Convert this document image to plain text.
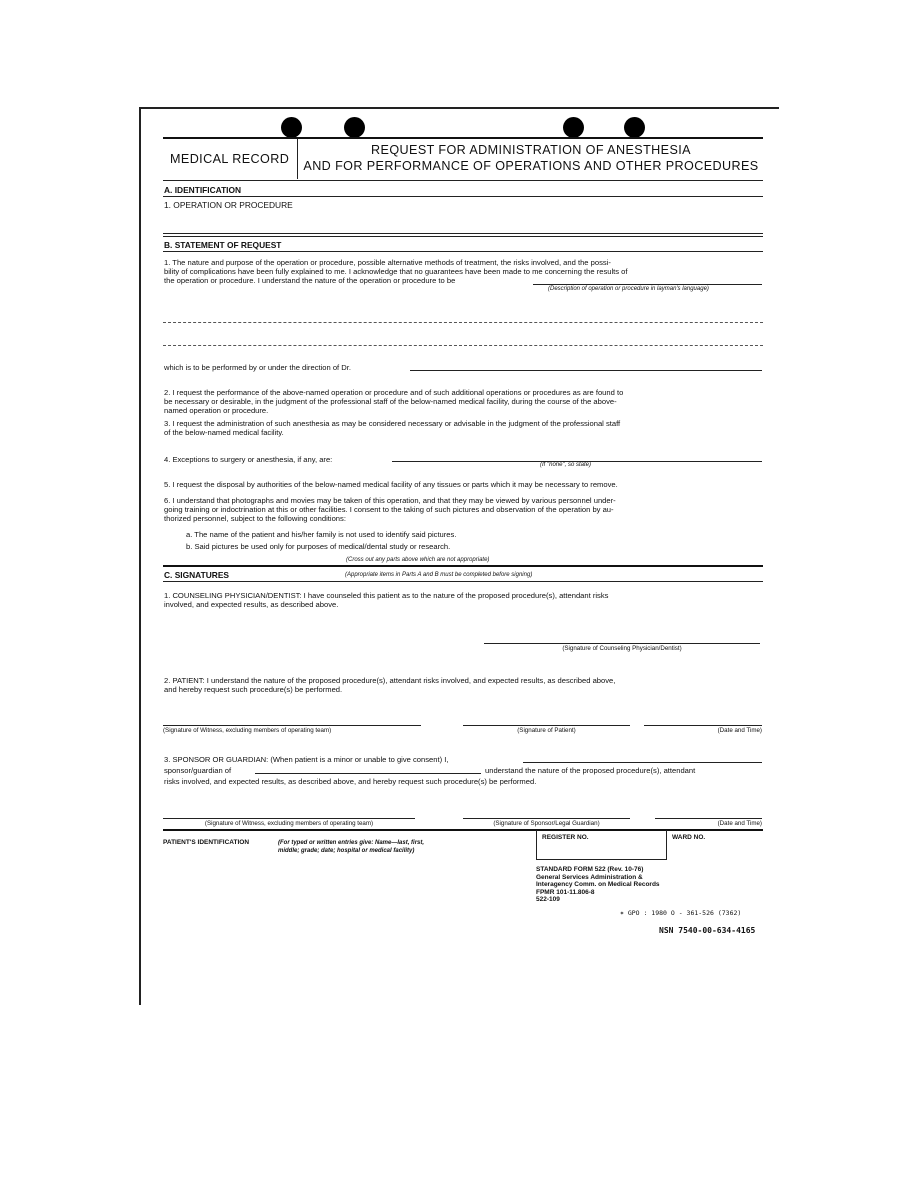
MEDICAL RECORD
REQUEST FOR ADMINISTRATION OF ANESTHESIA
AND FOR PERFORMANCE OF OPERATIONS AND OTHER PROCEDURES
A. IDENTIFICATION
1. OPERATION OR PROCEDURE
B. STATEMENT OF REQUEST
1. The nature and purpose of the operation or procedure, possible alternative methods of treatment, the risks involved, and the possi-
bility of complications have been fully explained to me. I acknowledge that no guarantees have been made to me concerning the results of
the operation or procedure. I understand the nature of the operation or procedure to be
(Description of operation or procedure in layman's language)
which is to be performed by or under the direction of Dr.
2. I request the performance of the above-named operation or procedure and of such additional operations or procedures as are found to
be necessary or desirable, in the judgment of the professional staff of the below-named medical facility, during the course of the above-
named operation or procedure.
3. I request the administration of such anesthesia as may be considered necessary or advisable in the judgment of the professional staff
of the below-named medical facility.
4. Exceptions to surgery or anesthesia, if any, are:
(If "none", so state)
5. I request the disposal by authorities of the below-named medical facility of any tissues or parts which it may be necessary to remove.
6. I understand that photographs and movies may be taken of this operation, and that they may be viewed by various personnel under-
going training or indoctrination at this or other facilities. I consent to the taking of such pictures and observation of the operation by au-
thorized personnel, subject to the following conditions:
a. The name of the patient and his/her family is not used to identify said pictures.
b. Said pictures be used only for purposes of medical/dental study or research.
(Cross out any parts above which are not appropriate)
C. SIGNATURES	(Appropriate items in Parts A and B must be completed before signing)
1. COUNSELING PHYSICIAN/DENTIST: I have counseled this patient as to the nature of the proposed procedure(s), attendant risks
involved, and expected results, as described above.
(Signature of Counseling Physician/Dentist)
2. PATIENT: I understand the nature of the proposed procedure(s), attendant risks involved, and expected results, as described above,
and hereby request such procedure(s) be performed.
(Signature of Witness, excluding members of operating team)	(Signature of Patient)	(Date and Time)
3. SPONSOR OR GUARDIAN: (When patient is a minor or unable to give consent) I,
sponsor/guardian of	understand the nature of the proposed procedure(s), attendant
risks involved, and expected results, as described above, and hereby request such procedure(s) be performed.
(Signature of Witness, excluding members of operating team)	(Signature of Sponsor/Legal Guardian)	(Date and Time)
PATIENT'S IDENTIFICATION	(For typed or written entries give: Name—last, first,
middle; grade; date; hospital or medical facility)
REGISTER NO.	WARD NO.
STANDARD FORM 522 (Rev. 10-76)
General Services Administration &
Interagency Comm. on Medical Records
FPMR 101-11.806-8
522-109
✶ GPO : 1980 O - 361-526 (7362)
NSN 7540-00-634-4165
